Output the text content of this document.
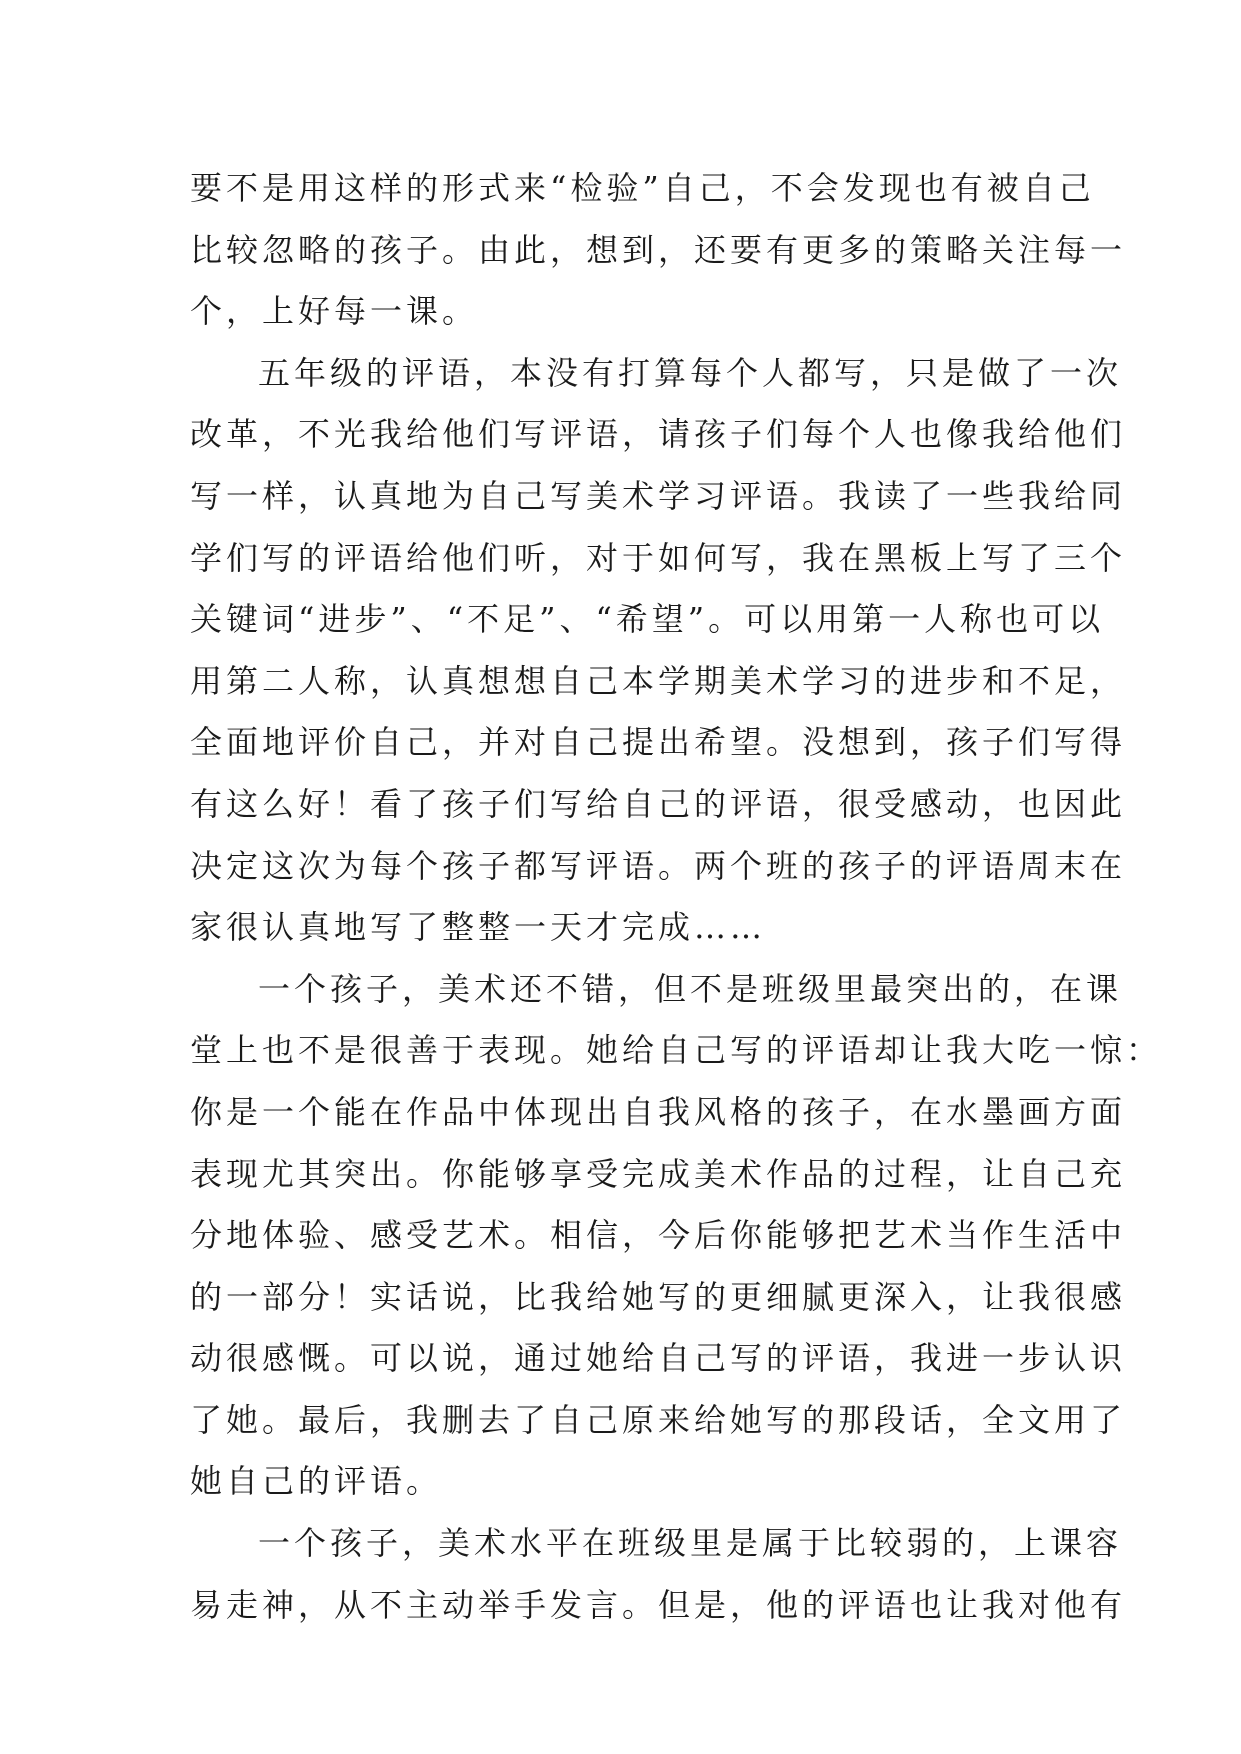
要不是用这样的形式来“检验”自己，不会发现也有被自己
比较忽略的孩子。由此，想到，还要有更多的策略关注每一
个，上好每一课。
五年级的评语，本没有打算每个人都写，只是做了一次
改革，不光我给他们写评语，请孩子们每个人也像我给他们
写一样，认真地为自己写美术学习评语。我读了一些我给同
学们写的评语给他们听，对于如何写，我在黑板上写了三个
关键词“进步”、“不足”、“希望”。可以用第一人称也可以
用第二人称，认真想想自己本学期美术学习的进步和不足，
全面地评价自己，并对自己提出希望。没想到，孩子们写得
有这么好！看了孩子们写给自己的评语，很受感动，也因此
决定这次为每个孩子都写评语。两个班的孩子的评语周末在
家很认真地写了整整一天才完成……
一个孩子，美术还不错，但不是班级里最突出的，在课
堂上也不是很善于表现。她给自己写的评语却让我大吃一惊：
你是一个能在作品中体现出自我风格的孩子，在水墨画方面
表现尤其突出。你能够享受完成美术作品的过程，让自己充
分地体验、感受艺术。相信，今后你能够把艺术当作生活中
的一部分！实话说，比我给她写的更细腻更深入，让我很感
动很感慨。可以说，通过她给自己写的评语，我进一步认识
了她。最后，我删去了自己原来给她写的那段话，全文用了
她自己的评语。
一个孩子，美术水平在班级里是属于比较弱的，上课容
易走神，从不主动举手发言。但是，他的评语也让我对他有
